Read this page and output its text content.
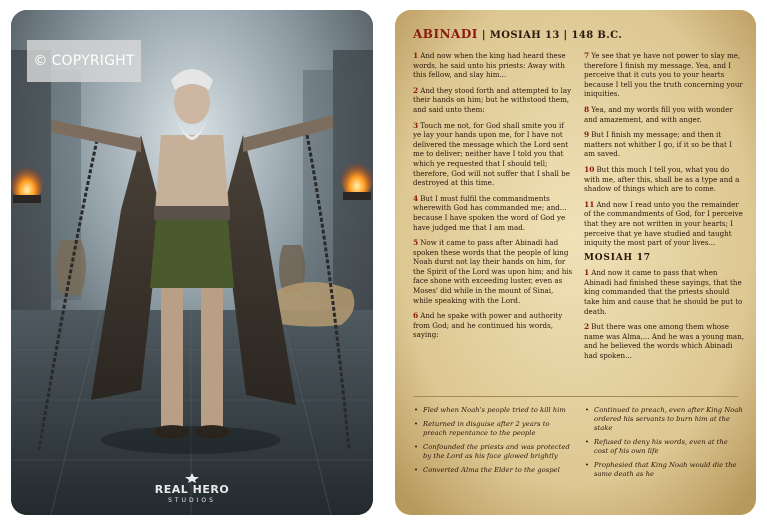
© COPYRIGHT
REAL HERO
STUDIOS
ABINADI | MOSIAH 13 | 148 B.C.

1 And now when the king had heard these words, he said unto his priests: Away with this fellow, and slay him...

2 And they stood forth and attempted to lay their hands on him; but he withstood them, and said unto them:

3 Touch me not, for God shall smite you if ye lay your hands upon me, for I have not delivered the message which the Lord sent me to deliver; neither have I told you that which ye requested that I should tell; therefore, God will not suffer that I shall be destroyed at this time.

4 But I must fulfil the commandments wherewith God has commanded me; and... because I have spoken the word of God ye have judged me that I am mad.

5 Now it came to pass after Abinadi had spoken these words that the people of king Noah durst not lay their hands on him, for the Spirit of the Lord was upon him; and his face shone with exceeding luster, even as Moses' did while in the mount of Sinai, while speaking with the Lord.

6 And he spake with power and authority from God; and he continued his words, saying:

7 Ye see that ye have not power to slay me, therefore I finish my message. Yea, and I perceive that it cuts you to your hearts because I tell you the truth concerning your iniquities.

8 Yea, and my words fill you with wonder and amazement, and with anger.

9 But I finish my message; and then it matters not whither I go, if it so be that I am saved.

10 But this much I tell you, what you do with me, after this, shall be as a type and a shadow of things which are to come.

11 And now I read unto you the remainder of the commandments of God, for I perceive that they are not written in your hearts; I perceive that ye have studied and taught iniquity the most part of your lives...

MOSIAH 17

1 And now it came to pass that when Abinadi had finished these sayings, that the king commanded that the priests should take him and cause that he should be put to death.

2 But there was one among them whose name was Alma,... And he was a young man, and he believed the words which Abinadi had spoken...

• Fled when Noah's people tried to kill him
• Returned in disguise after 2 years to preach repentance to the people
• Confounded the priests and was protected by the Lord as his face glowed brightly
• Converted Alma the Elder to the gospel
• Continued to preach, even after King Noah ordered his servants to burn him at the stake
• Refused to deny his words, even at the cost of his own life
• Prophesied that King Noah would die the same death as he
